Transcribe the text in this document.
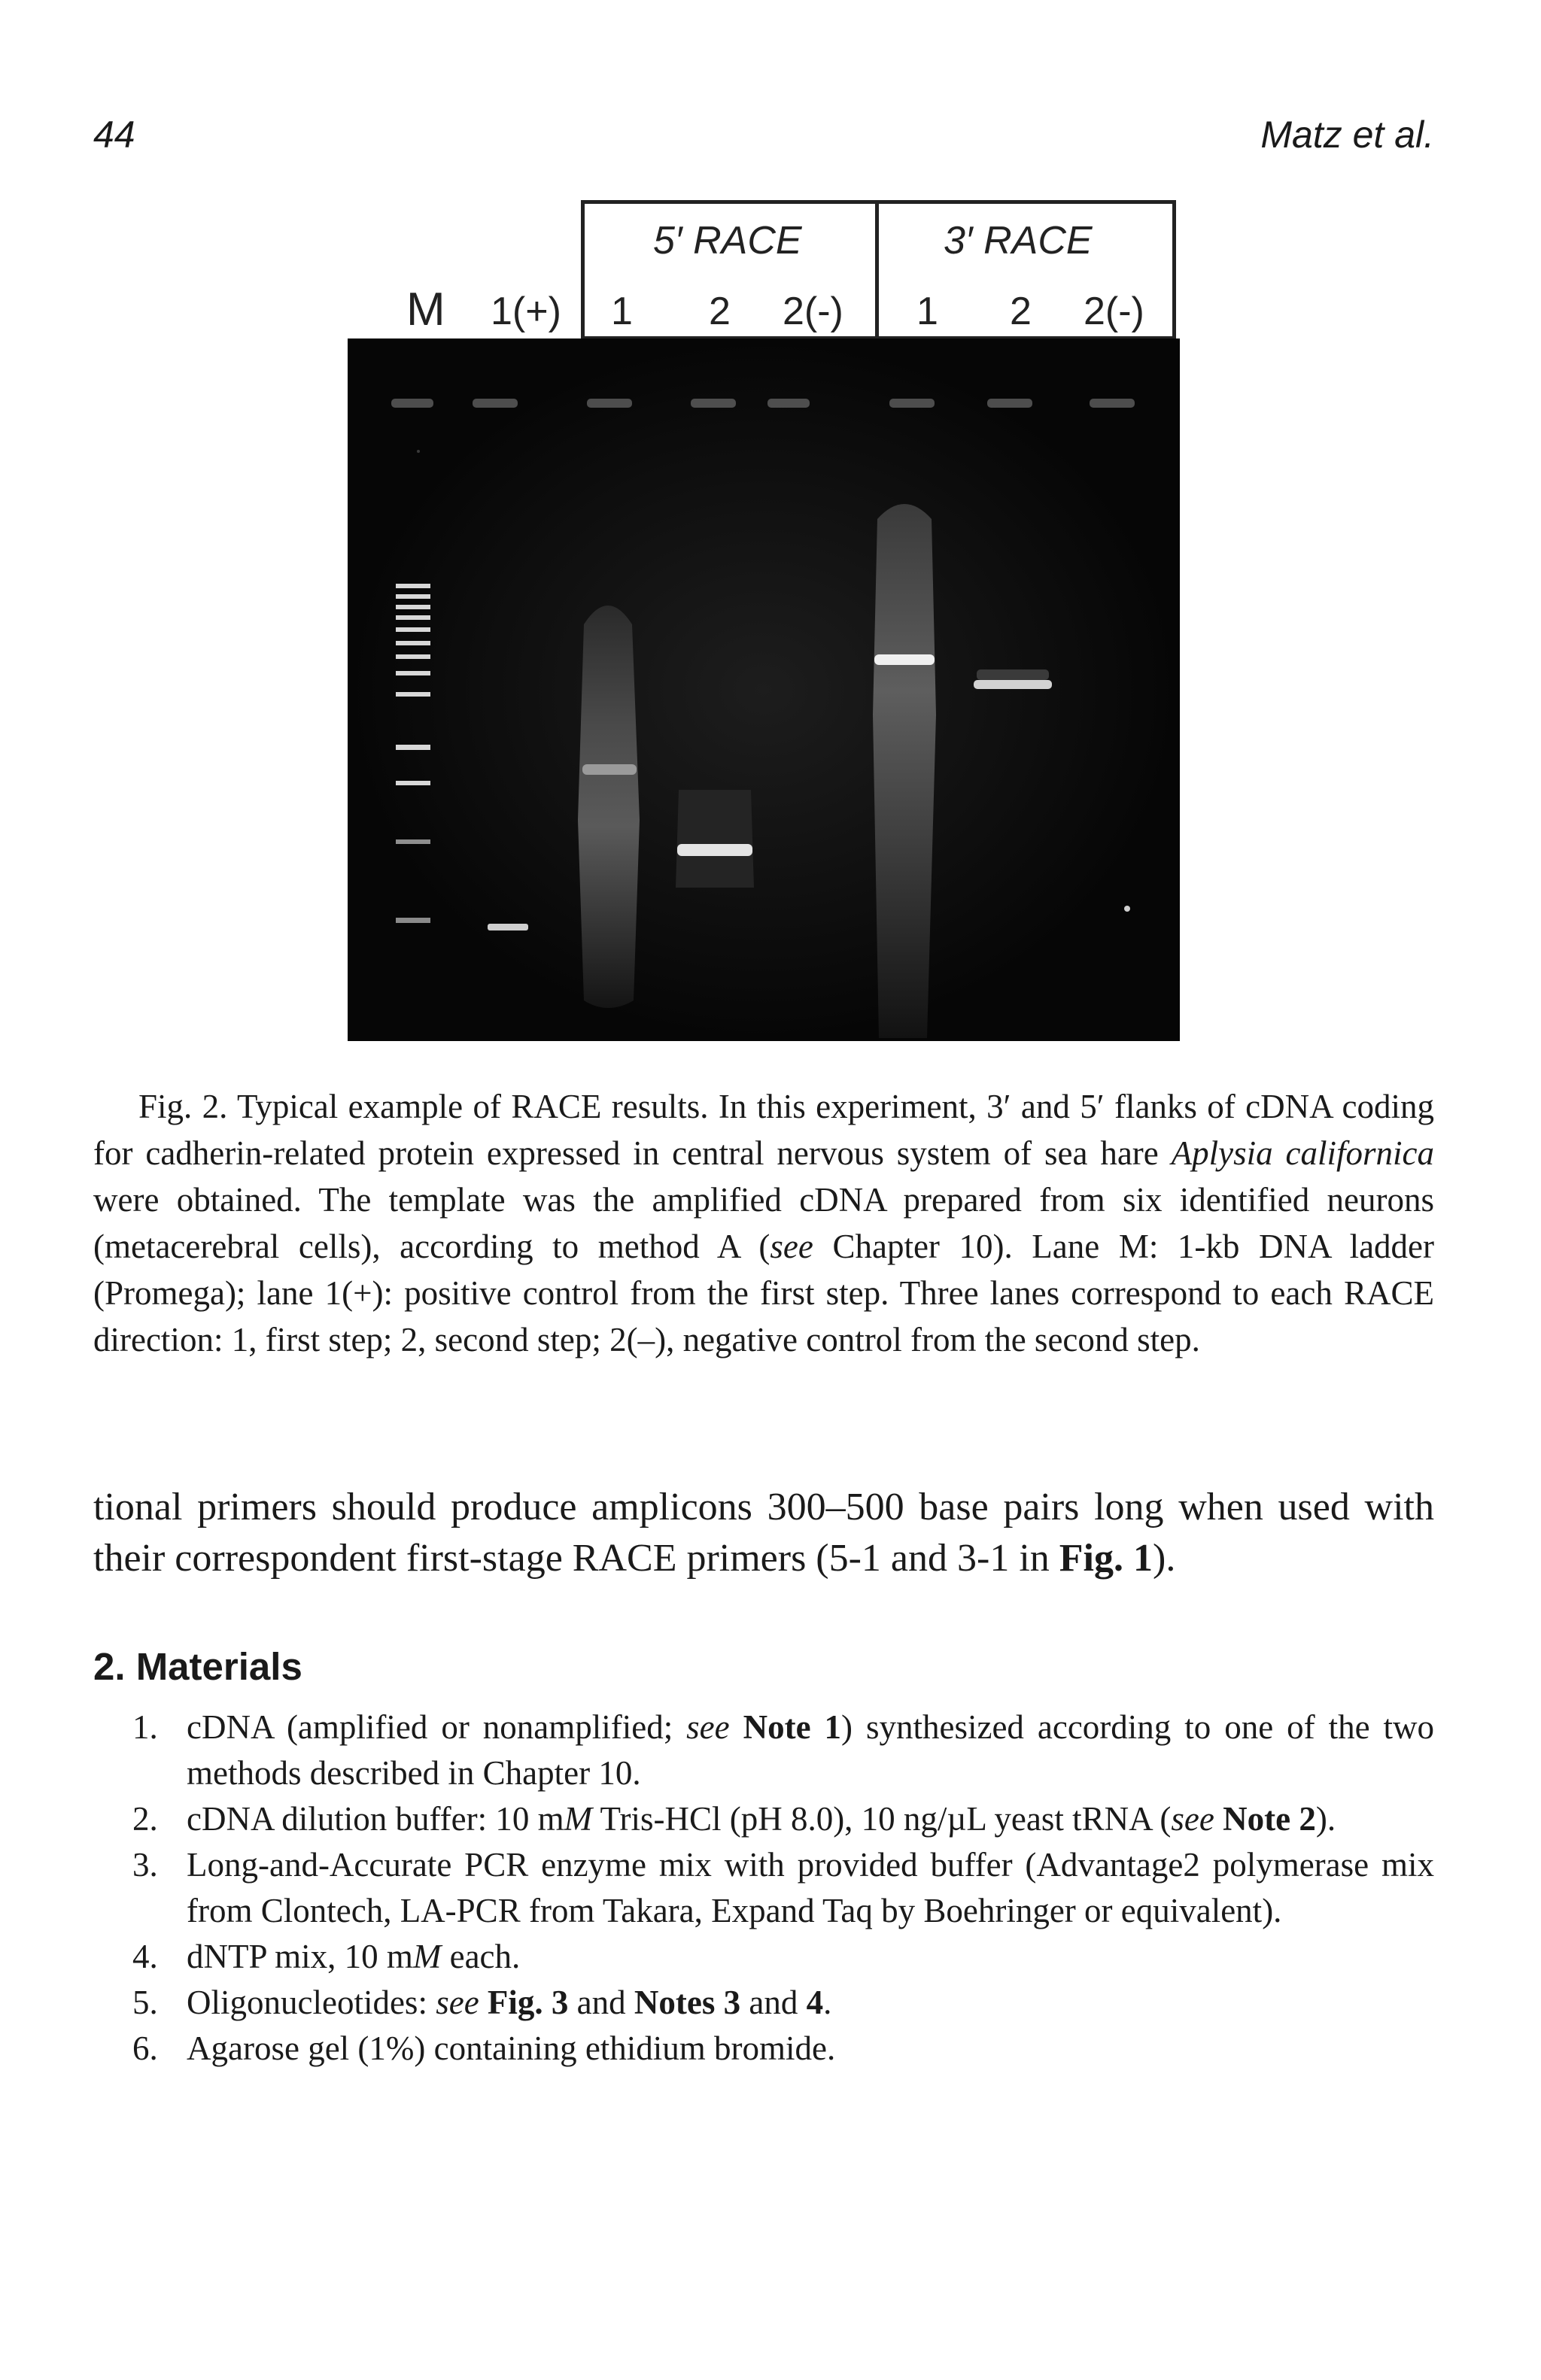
44	Matz et al.
5′ RACE	3′ RACE
M 1(+) 1 2 2(-) 1 2 2(-)
Fig. 2. Typical example of RACE results. In this experiment, 3′ and 5′ flanks of cDNA coding for cadherin-related protein expressed in central nervous system of sea hare Aplysia californica were obtained. The template was the amplified cDNA prepared from six identified neurons (metacerebral cells), according to method A (see Chapter 10). Lane M: 1-kb DNA ladder (Promega); lane 1(+): positive control from the first step. Three lanes correspond to each RACE direction: 1, first step; 2, second step; 2(–), negative control from the second step.
tional primers should produce amplicons 300–500 base pairs long when used with their correspondent first-stage RACE primers (5-1 and 3-1 in Fig. 1).
2. Materials
1. cDNA (amplified or nonamplified; see Note 1) synthesized according to one of the two methods described in Chapter 10.
2. cDNA dilution buffer: 10 mM Tris-HCl (pH 8.0), 10 ng/µL yeast tRNA (see Note 2).
3. Long-and-Accurate PCR enzyme mix with provided buffer (Advantage2 polymerase mix from Clontech, LA-PCR from Takara, Expand Taq by Boehringer or equivalent).
4. dNTP mix, 10 mM each.
5. Oligonucleotides: see Fig. 3 and Notes 3 and 4.
6. Agarose gel (1%) containing ethidium bromide.
